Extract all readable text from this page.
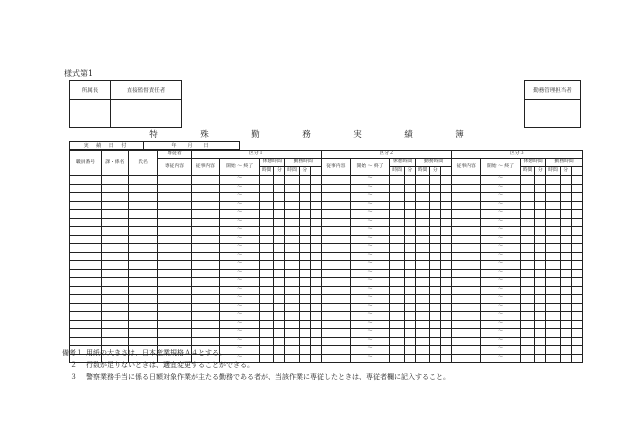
様式第1
所属長	直接監督責任者	勤務管理担当者
特　殊　勤　務　実　績　簿
実 績 日 付	年　月　日
職員番号	課・係名	氏名	専従者	区分１							区分２							区分３						
			専従内容	従事内容	開始 ～ 終了	休憩時間		勤務時間			従事内容	開始 ～ 終了	休憩時間		勤務時間			従事内容	開始 ～ 終了	休憩時間		勤務時間		
						時間	分	時間	分				時間	分	時間	分				時間	分	時間	分	
					～							～							～					
					～							～							～					
					～							～							～					
					～							～							～					
					～							～							～					
					～							～							～					
					～							～							～					
					～							～							～					
					～							～							～					
					～							～							～					
					～							～							～					
					～							～							～					
					～							～							～					
					～							～							～					
					～							～							～					
					～							～							～					
					～							～							～					
					～							～							～					
					～							～							～					
					～							～							～					
					～							～							～					
					～							～							～					
備考１ 用紙の大きさは、日本産業規格Ａ４とする。
２ 行数が足りないときは、適宜変更することができる。
３ 警察業務手当に係る日額対象作業が主たる勤務である者が、当該作業に専従したときは、専従者欄に記入すること。
